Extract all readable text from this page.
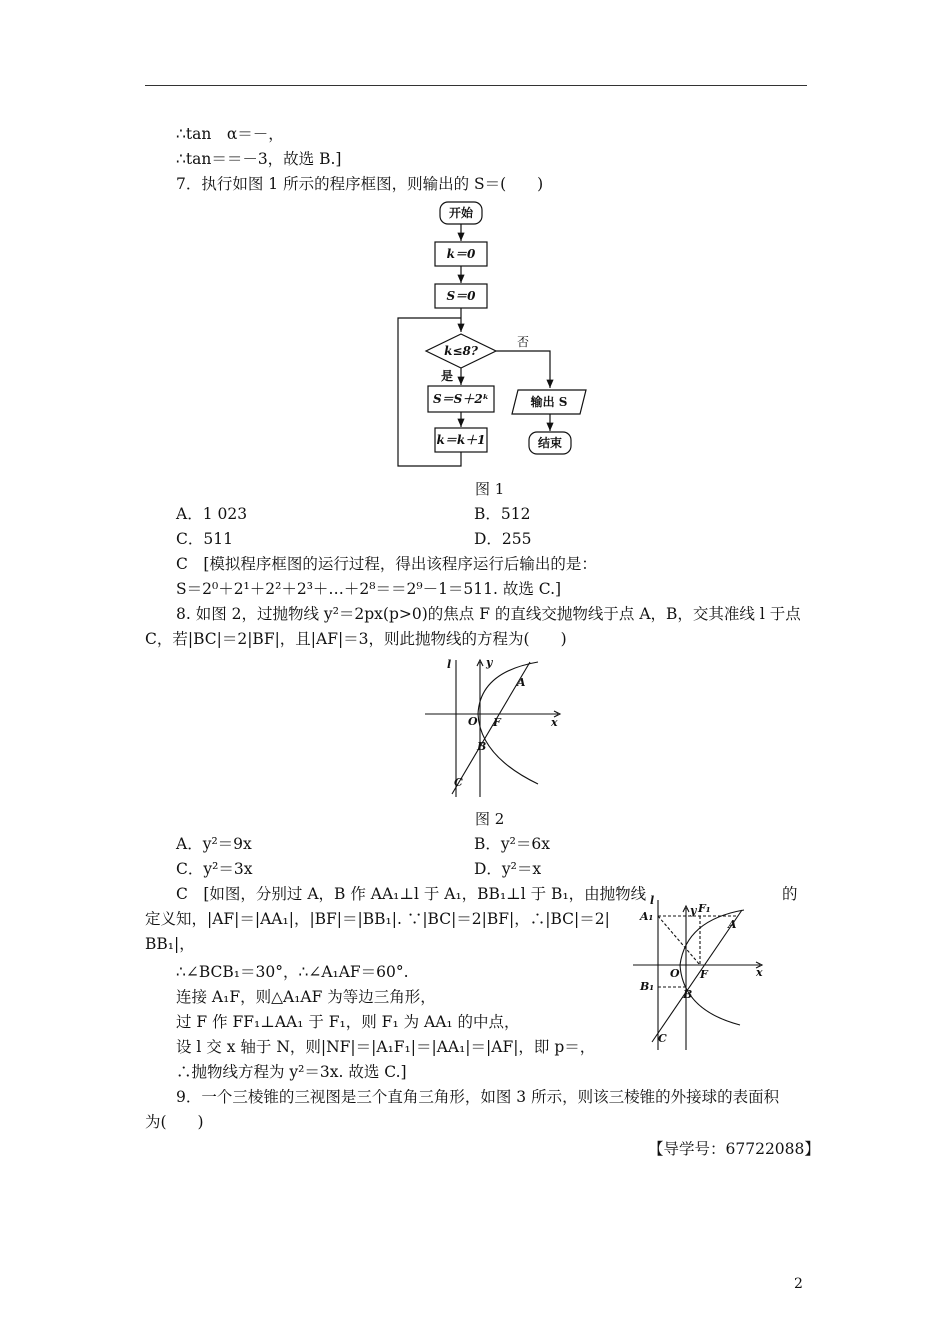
∴tan　α＝－，
∴tan＝＝－3，故选 B.]
7．执行如图 1 所示的程序框图，则输出的 S＝(　　)
开始
k＝0
S＝0
k≤8?
否
是
S＝S＋2ᵏ
k＝k＋1
输出 S
结束
图 1
A．1 023	B．512
C．511	D．255
C　[模拟程序框图的运行过程，得出该程序运行后输出的是：
S＝2⁰＋2¹＋2²＋2³＋…＋2⁸＝＝2⁹－1＝511. 故选 C.]
8. 如图 2，过抛物线 y²＝2px(p>0)的焦点 F 的直线交抛物线于点 A，B，交其准线 l 于点
C，若|BC|＝2|BF|，且|AF|＝3，则此抛物线的方程为(　　)
l	y
x
O F
A
B
C
图 2
A．y²＝9x	B．y²＝6x
C．y²＝3x	D．y²＝x
C　[如图，分别过 A，B 作 AA₁⊥l 于 A₁，BB₁⊥l 于 B₁，由抛物线	的
定义知，|AF|＝|AA₁|，|BF|＝|BB₁|. ∵|BC|＝2|BF|，∴|BC|＝2|
BB₁|，
∴∠BCB₁＝30°，∴∠A₁AF＝60°.
连接 A₁F，则△A₁AF 为等边三角形，
过 F 作 FF₁⊥AA₁ 于 F₁，则 F₁ 为 AA₁ 的中点，
设 l 交 x 轴于 N，则|NF|＝|A₁F₁|＝|AA₁|＝|AF|，即 p＝，
∴抛物线方程为 y²＝3x. 故选 C.]
l
y
x
O F
F₁
A
A₁
B
B₁
C
9．一个三棱锥的三视图是三个直角三角形，如图 3 所示，则该三棱锥的外接球的表面积
为(　　)
【导学号：67722088】
2
